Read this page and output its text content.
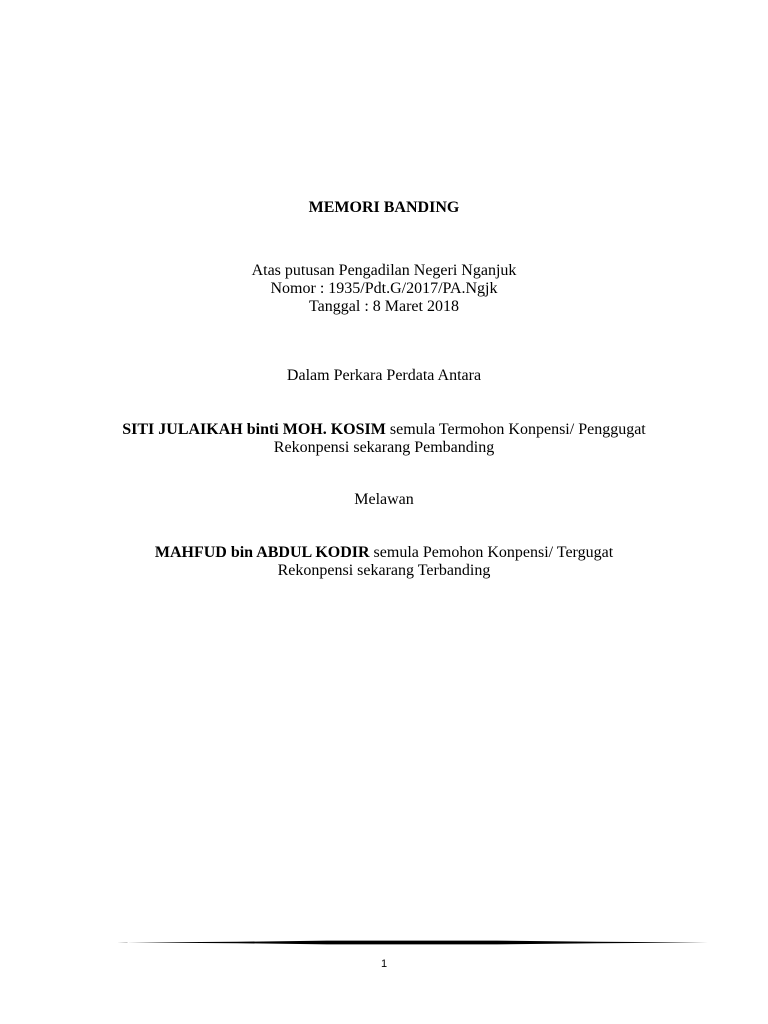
MEMORI BANDING
Atas putusan Pengadilan Negeri Nganjuk
Nomor : 1935/Pdt.G/2017/PA.Ngjk
Tanggal : 8 Maret 2018
Dalam Perkara Perdata Antara
SITI JULAIKAH binti MOH. KOSIM semula Termohon Konpensi/ Penggugat
Rekonpensi sekarang Pembanding
Melawan
MAHFUD bin ABDUL KODIR semula Pemohon Konpensi/ Tergugat
Rekonpensi sekarang Terbanding
1
